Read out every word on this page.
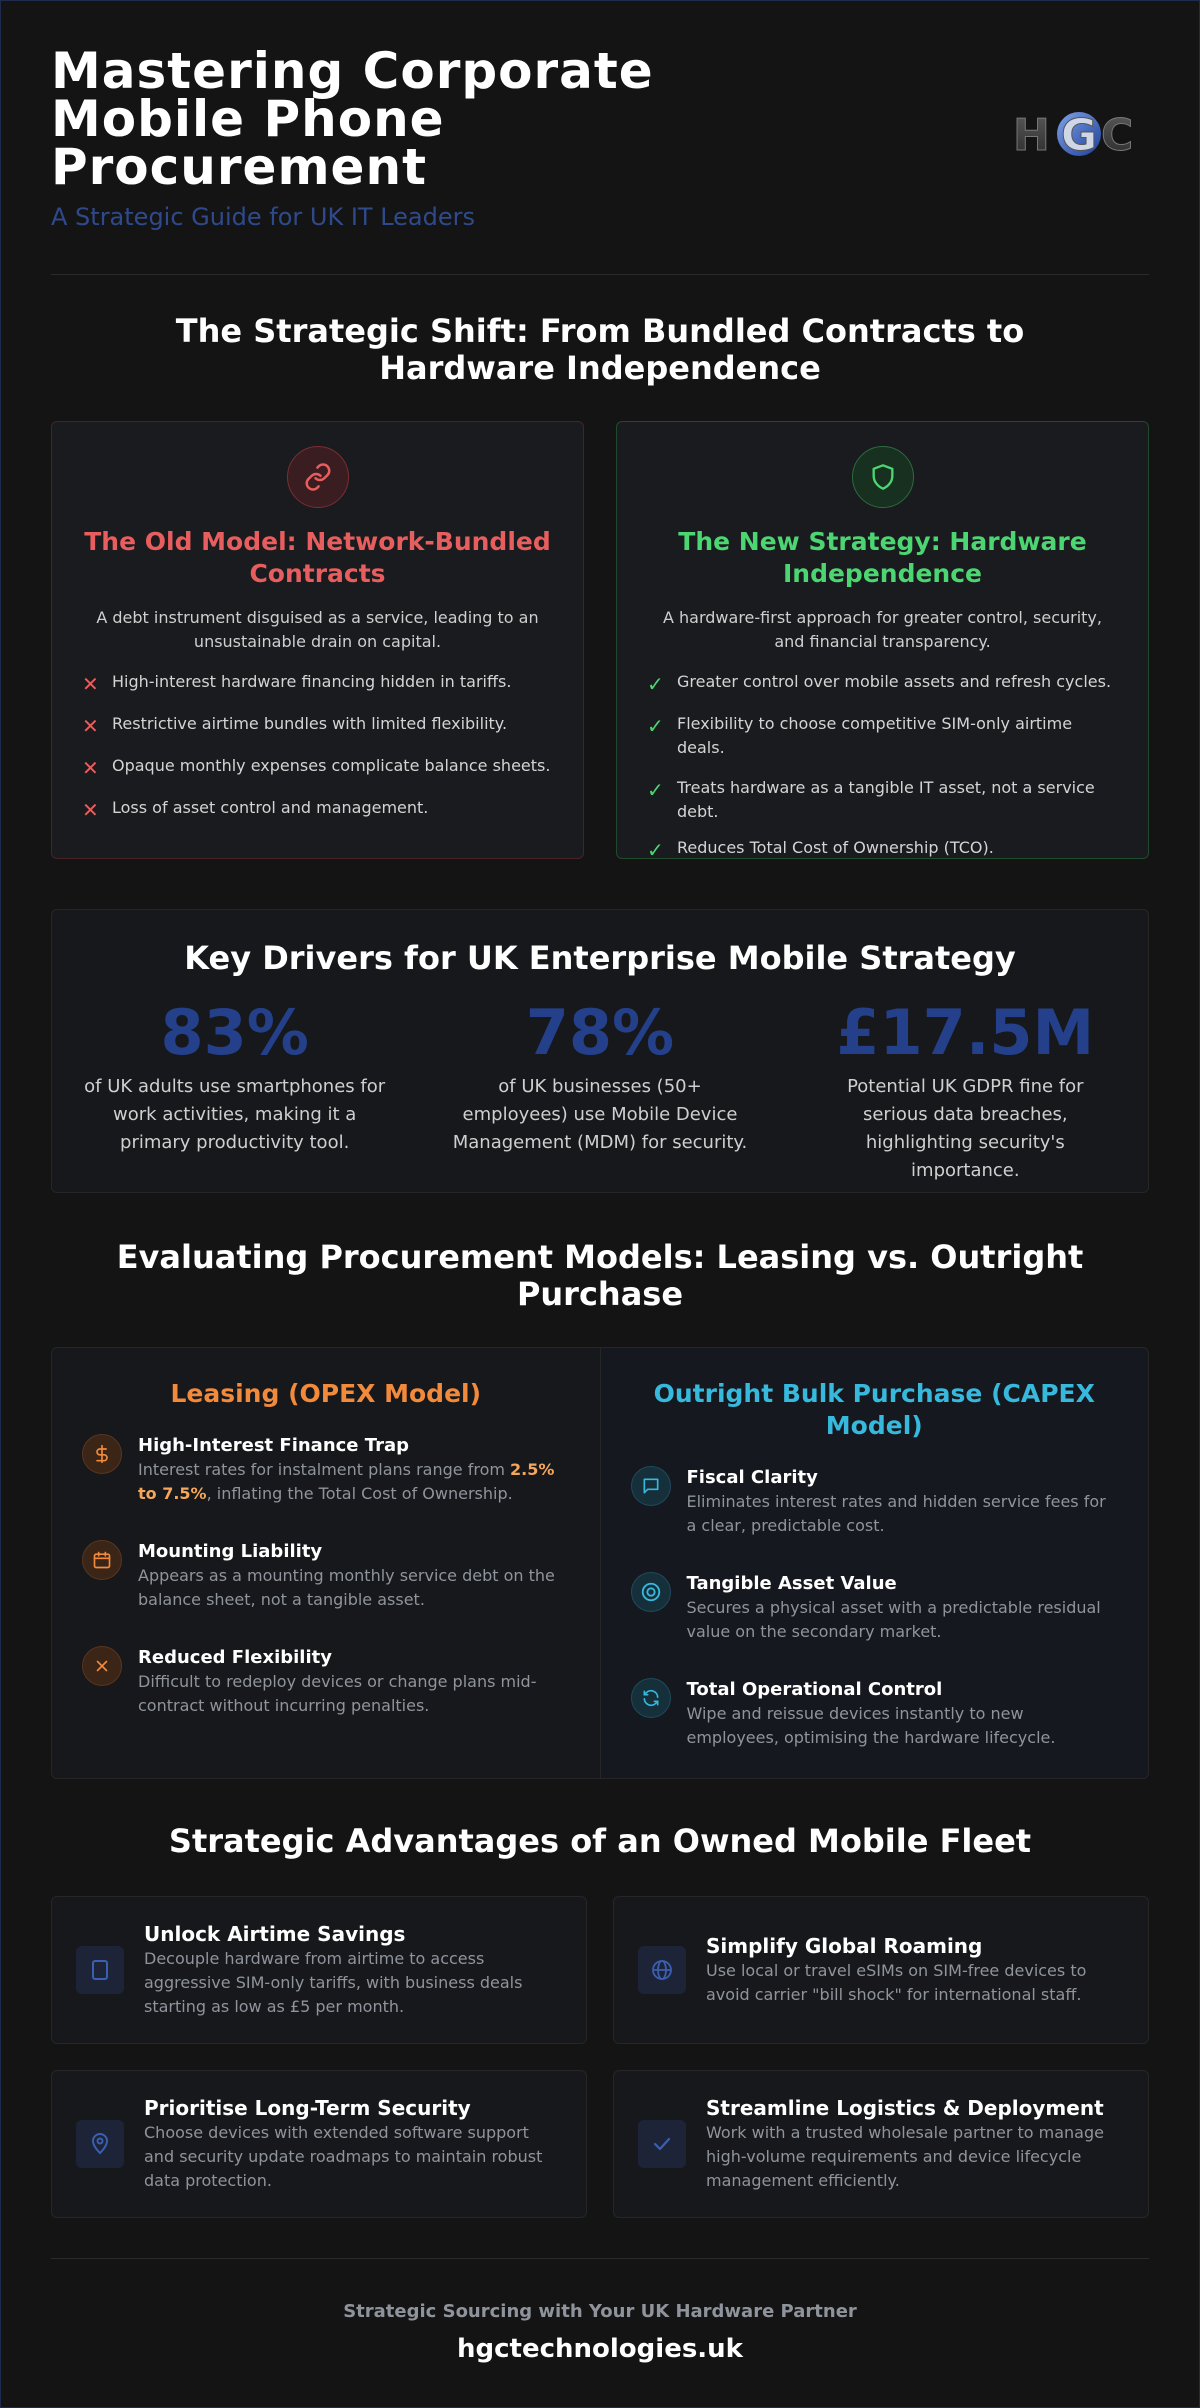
Mastering Corporate Mobile Phone Procurement
A Strategic Guide for UK IT Leaders
H G C
The Strategic Shift: From Bundled Contracts to Hardware Independence
The Old Model: Network-Bundled Contracts
A debt instrument disguised as a service, leading to an unsustainable drain on capital.
✕ High-interest hardware financing hidden in tariffs.
✕ Restrictive airtime bundles with limited flexibility.
✕ Opaque monthly expenses complicate balance sheets.
✕ Loss of asset control and management.
The New Strategy: Hardware Independence
A hardware-first approach for greater control, security, and financial transparency.
✓ Greater control over mobile assets and refresh cycles.
✓ Flexibility to choose competitive SIM-only airtime deals.
✓ Treats hardware as a tangible IT asset, not a service debt.
✓ Reduces Total Cost of Ownership (TCO).
Key Drivers for UK Enterprise Mobile Strategy
83%
of UK adults use smartphones for work activities, making it a primary productivity tool.
78%
of UK businesses (50+ employees) use Mobile Device Management (MDM) for security.
£17.5M
Potential UK GDPR fine for serious data breaches, highlighting security's importance.
Evaluating Procurement Models: Leasing vs. Outright Purchase
Leasing (OPEX Model)
High-Interest Finance Trap
Interest rates for instalment plans range from 2.5% to 7.5%, inflating the Total Cost of Ownership.
Mounting Liability
Appears as a mounting monthly service debt on the balance sheet, not a tangible asset.
Reduced Flexibility
Difficult to redeploy devices or change plans mid-contract without incurring penalties.
Outright Bulk Purchase (CAPEX Model)
Fiscal Clarity
Eliminates interest rates and hidden service fees for a clear, predictable cost.
Tangible Asset Value
Secures a physical asset with a predictable residual value on the secondary market.
Total Operational Control
Wipe and reissue devices instantly to new employees, optimising the hardware lifecycle.
Strategic Advantages of an Owned Mobile Fleet
Unlock Airtime Savings
Decouple hardware from airtime to access aggressive SIM-only tariffs, with business deals starting as low as £5 per month.
Simplify Global Roaming
Use local or travel eSIMs on SIM-free devices to avoid carrier "bill shock" for international staff.
Prioritise Long-Term Security
Choose devices with extended software support and security update roadmaps to maintain robust data protection.
Streamline Logistics & Deployment
Work with a trusted wholesale partner to manage high-volume requirements and device lifecycle management efficiently.
Strategic Sourcing with Your UK Hardware Partner
hgctechnologies.uk
